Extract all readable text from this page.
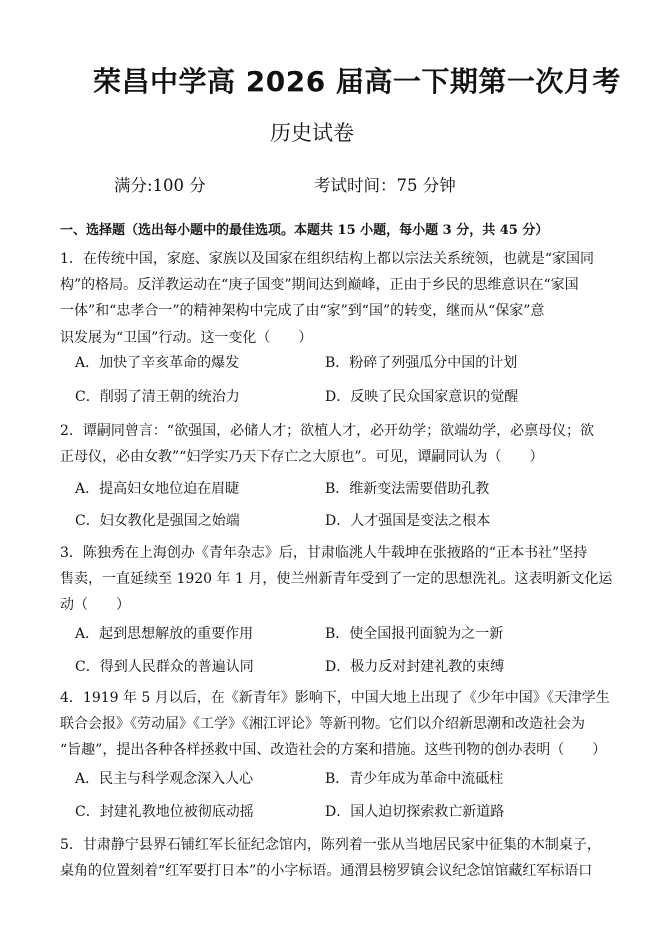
荣昌中学高 2026 届高一下期第一次月考
历史试卷
满分:100 分	考试时间：75 分钟
一、选择题（选出每小题中的最佳选项。本题共 15 小题，每小题 3 分，共 45 分）
1．在传统中国，家庭、家族以及国家在组织结构上都以宗法关系统领，也就是“家国同
构”的格局。反洋教运动在“庚子国变”期间达到巅峰，正由于乡民的思维意识在“家国
一体”和“忠孝合一”的精神架构中完成了由“家”到“国”的转变，继而从“保家”意
识发展为“卫国”行动。这一变化（　　）
A．加快了辛亥革命的爆发	B．粉碎了列强瓜分中国的计划
C．削弱了清王朝的统治力	D．反映了民众国家意识的觉醒
2．谭嗣同曾言：“欲强国，必储人才；欲植人才，必开幼学；欲端幼学，必禀母仪；欲
正母仪，必由女教”“妇学实乃天下存亡之大原也”。可见，谭嗣同认为（　　）
A．提高妇女地位迫在眉睫	B．维新变法需要借助孔教
C．妇女教化是强国之始端	D．人才强国是变法之根本
3．陈独秀在上海创办《青年杂志》后，甘肃临洮人牛载坤在张掖路的“正本书社”坚持
售卖，一直延续至 1920 年 1 月，使兰州新青年受到了一定的思想洗礼。这表明新文化运
动（　　）
A．起到思想解放的重要作用	B．使全国报刊面貌为之一新
C．得到人民群众的普遍认同	D．极力反对封建礼教的束缚
4．1919 年 5 月以后，在《新青年》影响下，中国大地上出现了《少年中国》《天津学生
联合会报》《劳动届》《工学》《湘江评论》等新刊物。它们以介绍新思潮和改造社会为
“旨趣”，提出各种各样拯救中国、改造社会的方案和措施。这些刊物的创办表明（　　）
A．民主与科学观念深入人心	B．青少年成为革命中流砥柱
C．封建礼教地位被彻底动摇	D．国人迫切探索救亡新道路
5．甘肃静宁县界石铺红军长征纪念馆内，陈列着一张从当地居民家中征集的木制桌子，
桌角的位置刻着“红军要打日本”的小字标语。通渭县榜罗镇会议纪念馆馆藏红军标语口
